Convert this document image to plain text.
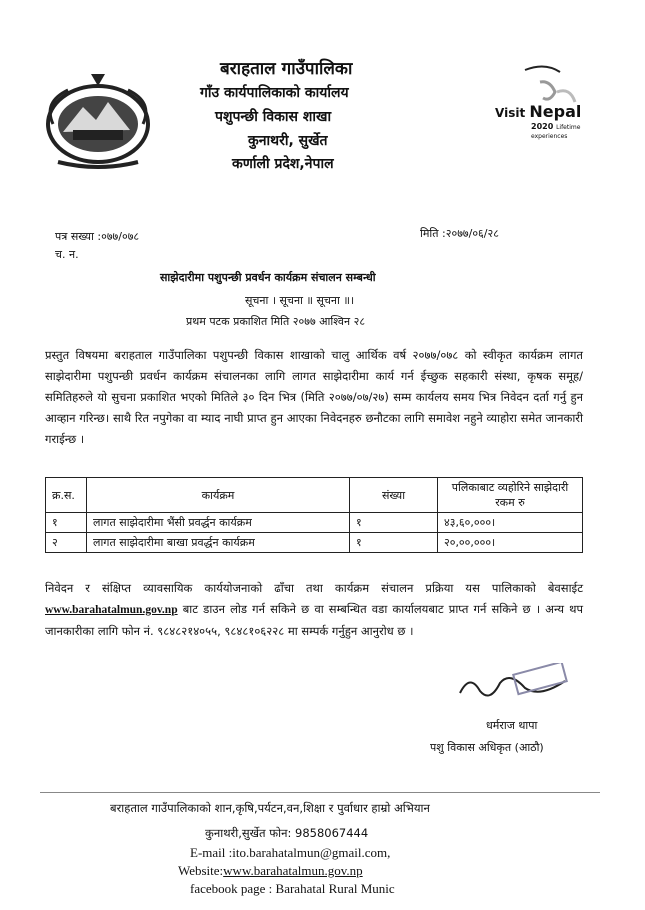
बराहताल गाउँपालिका
गाँउ कार्यपालिकाको कार्यालय
पशुपन्छी विकास शाखा
कुनाथरी, सुर्खेत
कर्णाली प्रदेश,नेपाल
Visit Nepal
2020 Lifetime experiences
पत्र सख्या :०७७/०७८
च. न.
मिति :२०७७/०६/२८
साझेदारीमा पशुपन्छी प्रवर्धन कार्यक्रम संचालन सम्बन्धी
सूचना । सूचना ॥ सूचना ॥।
प्रथम पटक प्रकाशित मिति २०७७ आश्विन २८
प्रस्तुत विषयमा बराहताल गाउँपालिका पशुपन्छी विकास शाखाको चालु आर्थिक वर्ष २०७७/०७८ को स्वीकृत कार्यक्रम लागत साझेदारीमा पशुपन्छी प्रवर्धन कार्यक्रम संचालनका लागि लागत साझेदारीमा कार्य गर्न ईच्छुक सहकारी संस्था, कृषक समूह/समितिहरुले यो सुचना प्रकाशित भएको मितिले ३० दिन भित्र (मिति २०७७/०७/२७) सम्म कार्यलय समय भित्र निवेदन दर्ता गर्नु हुन आव्हान गरिन्छ। साथै रित नपुगेका वा म्याद नाघी प्राप्त हुन आएका निवेदनहरु छनौटका लागि समावेश नहुने व्याहोरा समेत जानकारी गराईन्छ ।
क्र.स.	कार्यक्रम	संख्या	पलिकाबाट व्यहोरिने साझेदारी रकम रु
१	लागत साझेदारीमा भैंसी प्रवर्द्धन कार्यक्रम	१	४३,६०,०००।
२	लागत साझेदारीमा बाखा प्रवर्द्धन कार्यक्रम	१	२०,००,०००।
निवेदन र संक्षिप्त व्यावसायिक कार्ययोजनाको ढाँचा तथा कार्यक्रम संचालन प्रक्रिया यस पालिकाको बेवसाईट www.barahatalmun.gov.np बाट डाउन लोड गर्न सकिने छ वा सम्बन्धित वडा कार्यालयबाट प्राप्त गर्न सकिने छ । अन्य थप जानकारीका लागि फोन नं. ९८४८२१४०५५, ९८४८१०६२२८ मा सम्पर्क गर्नुहुन आनुरोध छ ।
धर्मराज थापा
पशु विकास अधिकृत (आठौ)
बराहताल गाउँपालिकाको शान,कृषि,पर्यटन,वन,शिक्षा र पुर्वाधार हाम्रो अभियान
कुनाथरी,सुर्खेत फोन: 9858067444
E-mail :ito.barahatalmun@gmail.com,
Website:www.barahatalmun.gov.np
facebook page : Barahatal Rural Munic
